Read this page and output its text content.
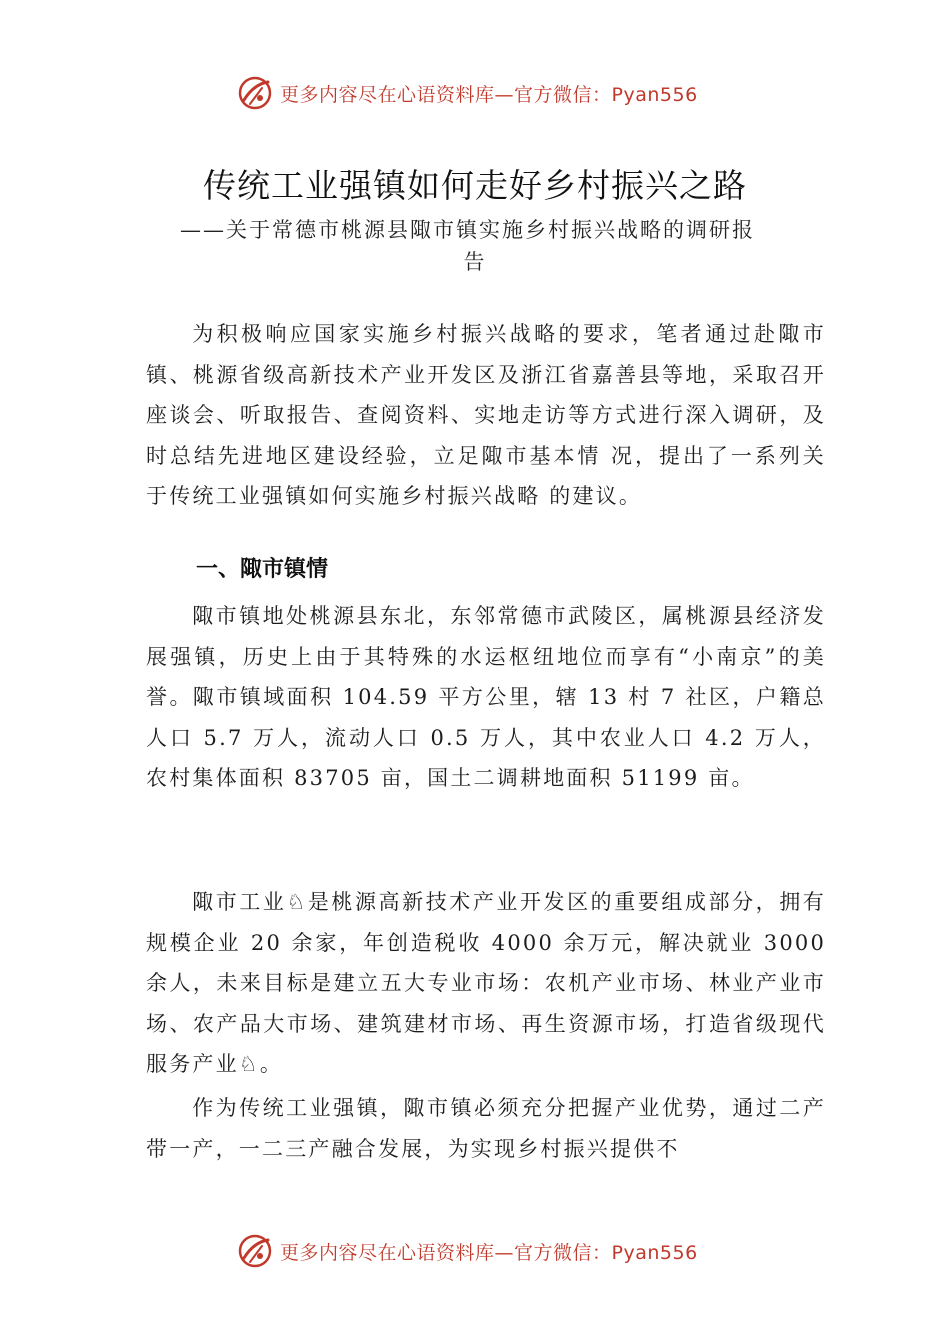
更多内容尽在心语资料库—官方微信：Pyan556
传统工业强镇如何走好乡村振兴之路
——关于常德市桃源县陬市镇实施乡村振兴战略的调研报
告

为积极响应国家实施乡村振兴战略的要求，笔者通过赴陬市镇、桃源省级高新技术产业开发区及浙江省嘉善县等地，采取召开座谈会、听取报告、查阅资料、实地走访等方式进行深入调研，及时总结先进地区建设经验，立足陬市基本情 况，提出了一系列关于传统工业强镇如何实施乡村振兴战略 的建议。

一、陬市镇情

陬市镇地处桃源县东北，东邻常德市武陵区，属桃源县经济发展强镇，历史上由于其特殊的水运枢纽地位而享有“小南京”的美誉。陬市镇域面积 104.59 平方公里，辖 13 村 7 社区，户籍总人口 5.7 万人，流动人口 0.5 万人，其中农业人口 4.2 万人，农村集体面积 83705 亩，国土二调耕地面积 51199 亩。

陬市工业♘是桃源高新技术产业开发区的重要组成部分，拥有规模企业 20 余家，年创造税收 4000 余万元，解决就业 3000 余人，未来目标是建立五大专业市场：农机产业市场、林业产业市场、农产品大市场、建筑建材市场、再生资源市场，打造省级现代服务产业♘。

作为传统工业强镇，陬市镇必须充分把握产业优势，通过二产带一产，一二三产融合发展，为实现乡村振兴提供不

更多内容尽在心语资料库—官方微信：Pyan556
